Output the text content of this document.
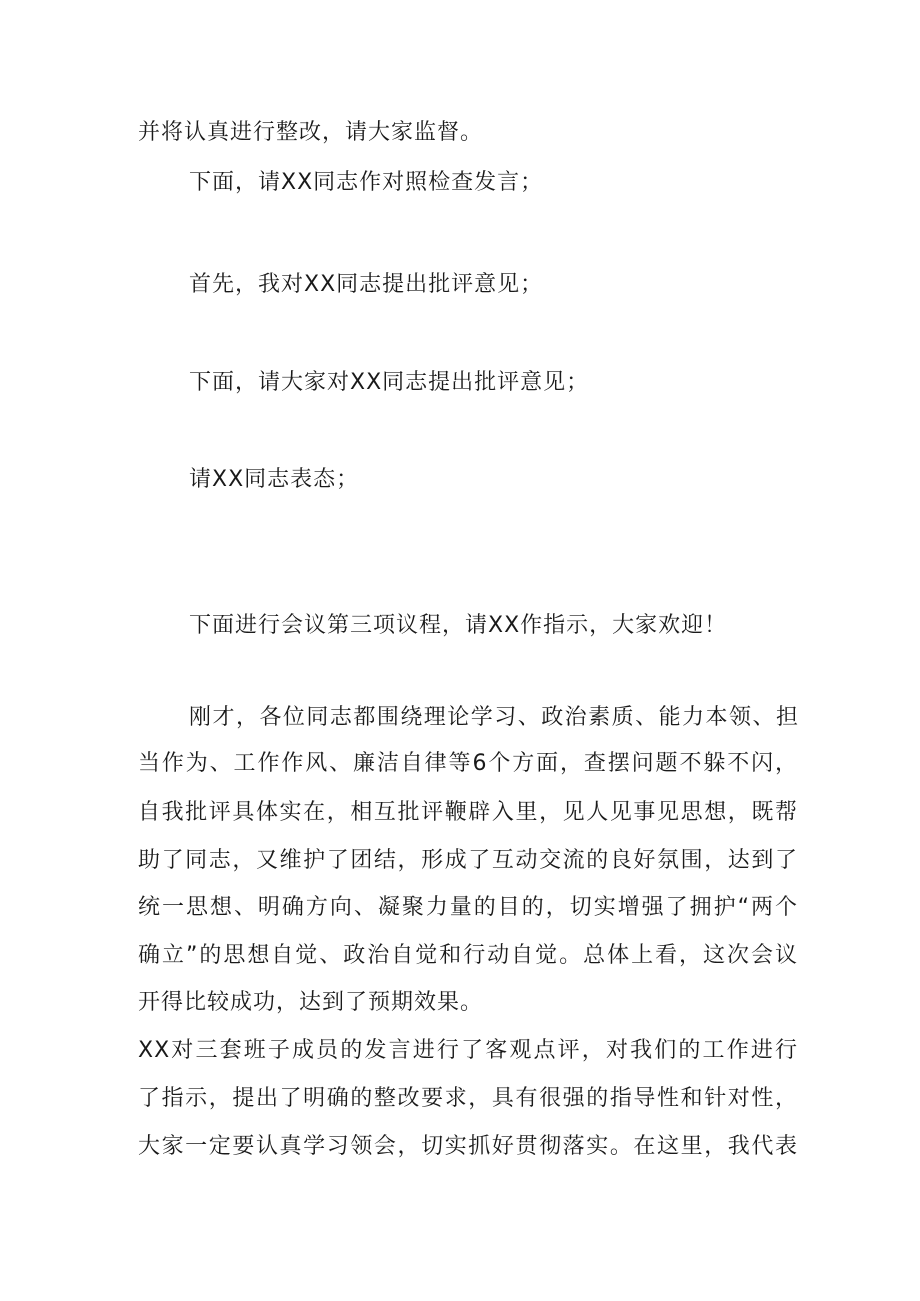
并将认真进行整改，请大家监督。
下面，请XX同志作对照检查发言；
首先，我对XX同志提出批评意见；
下面，请大家对XX同志提出批评意见；
请XX同志表态；
下面进行会议第三项议程，请XX作指示，大家欢迎！
刚才，各位同志都围绕理论学习、政治素质、能力本领、担
当作为、工作作风、廉洁自律等6个方面，查摆问题不躲不闪，
自我批评具体实在，相互批评鞭辟入里，见人见事见思想，既帮
助了同志，又维护了团结，形成了互动交流的良好氛围，达到了
统一思想、明确方向、凝聚力量的目的，切实增强了拥护“两个
确立”的思想自觉、政治自觉和行动自觉。总体上看，这次会议
开得比较成功，达到了预期效果。
XX对三套班子成员的发言进行了客观点评，对我们的工作进行
了指示，提出了明确的整改要求，具有很强的指导性和针对性，
大家一定要认真学习领会，切实抓好贯彻落实。在这里，我代表
